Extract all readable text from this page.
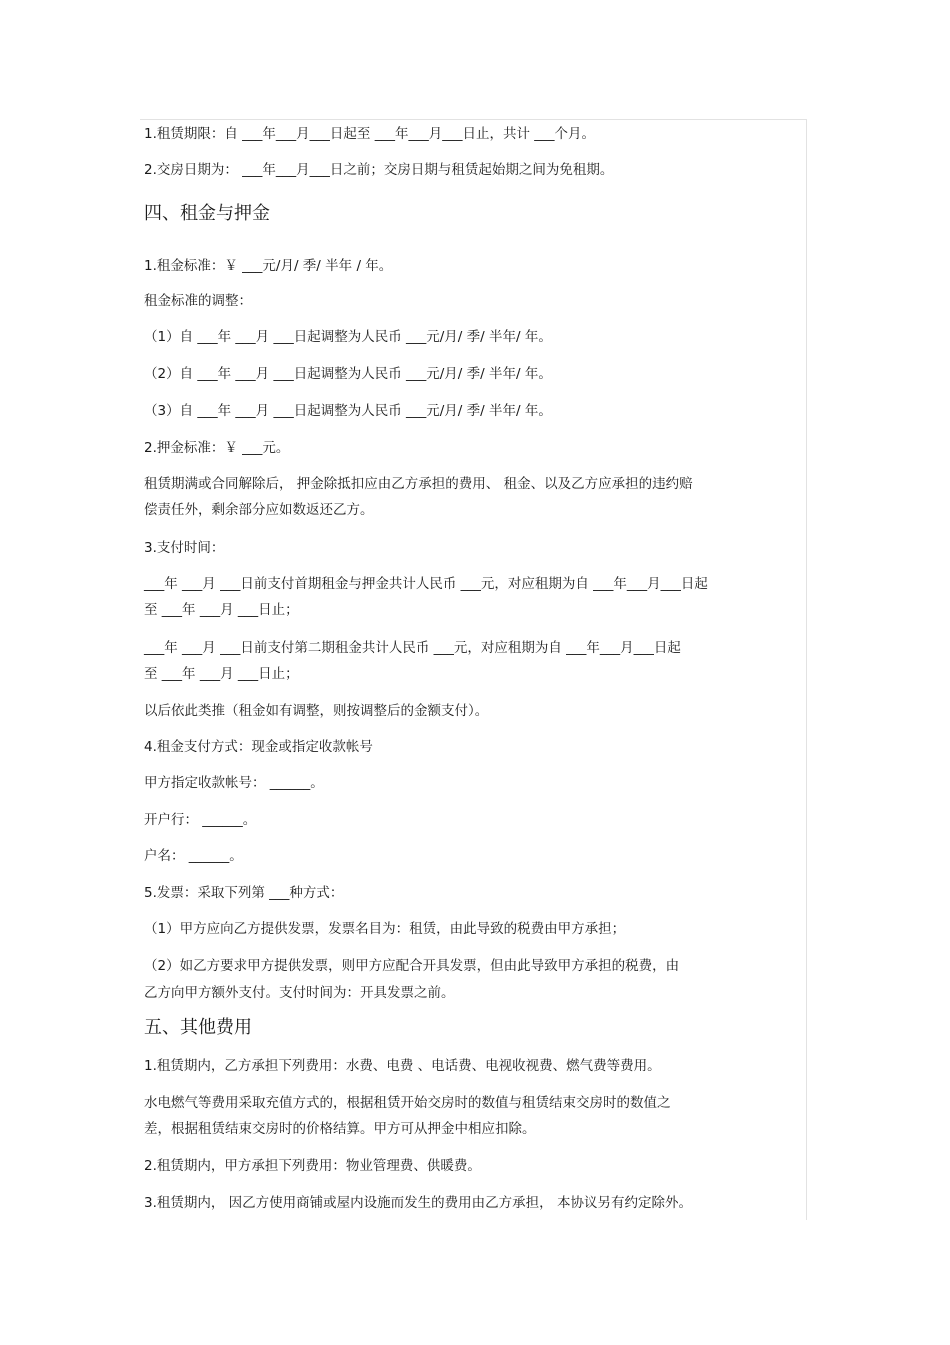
1.租赁期限：自 ___年___月___日起至 ___年___月___日止，共计 ___个月。
2.交房日期为： ___年___月___日之前；交房日期与租赁起始期之间为免租期。
四、租金与押金
1.租金标准：￥ ___元/月/ 季/ 半年 / 年。
租金标准的调整：
（1）自 ___年 ___月 ___日起调整为人民币 ___元/月/ 季/ 半年/ 年。
（2）自 ___年 ___月 ___日起调整为人民币 ___元/月/ 季/ 半年/ 年。
（3）自 ___年 ___月 ___日起调整为人民币 ___元/月/ 季/ 半年/ 年。
2.押金标准：￥ ___元。
租赁期满或合同解除后， 押金除抵扣应由乙方承担的费用、 租金、以及乙方应承担的违约赔
偿责任外，剩余部分应如数返还乙方。
3.支付时间：
___年 ___月 ___日前支付首期租金与押金共计人民币 ___元，对应租期为自 ___年___月___日起
至 ___年 ___月 ___日止；
___年 ___月 ___日前支付第二期租金共计人民币 ___元，对应租期为自 ___年___月___日起
至 ___年 ___月 ___日止；
以后依此类推（租金如有调整，则按调整后的金额支付）。
4.租金支付方式：现金或指定收款帐号
甲方指定收款帐号： ______。
开户行： ______。
户名： ______。
5.发票：采取下列第 ___种方式：
（1）甲方应向乙方提供发票，发票名目为：租赁，由此导致的税费由甲方承担；
（2）如乙方要求甲方提供发票，则甲方应配合开具发票，但由此导致甲方承担的税费，由
乙方向甲方额外支付。支付时间为：开具发票之前。
五、其他费用
1.租赁期内，乙方承担下列费用：水费、电费 、电话费、电视收视费、燃气费等费用。
水电燃气等费用采取充值方式的，根据租赁开始交房时的数值与租赁结束交房时的数值之
差，根据租赁结束交房时的价格结算。甲方可从押金中相应扣除。
2.租赁期内，甲方承担下列费用：物业管理费、供暖费。
3.租赁期内， 因乙方使用商铺或屋内设施而发生的费用由乙方承担， 本协议另有约定除外。
